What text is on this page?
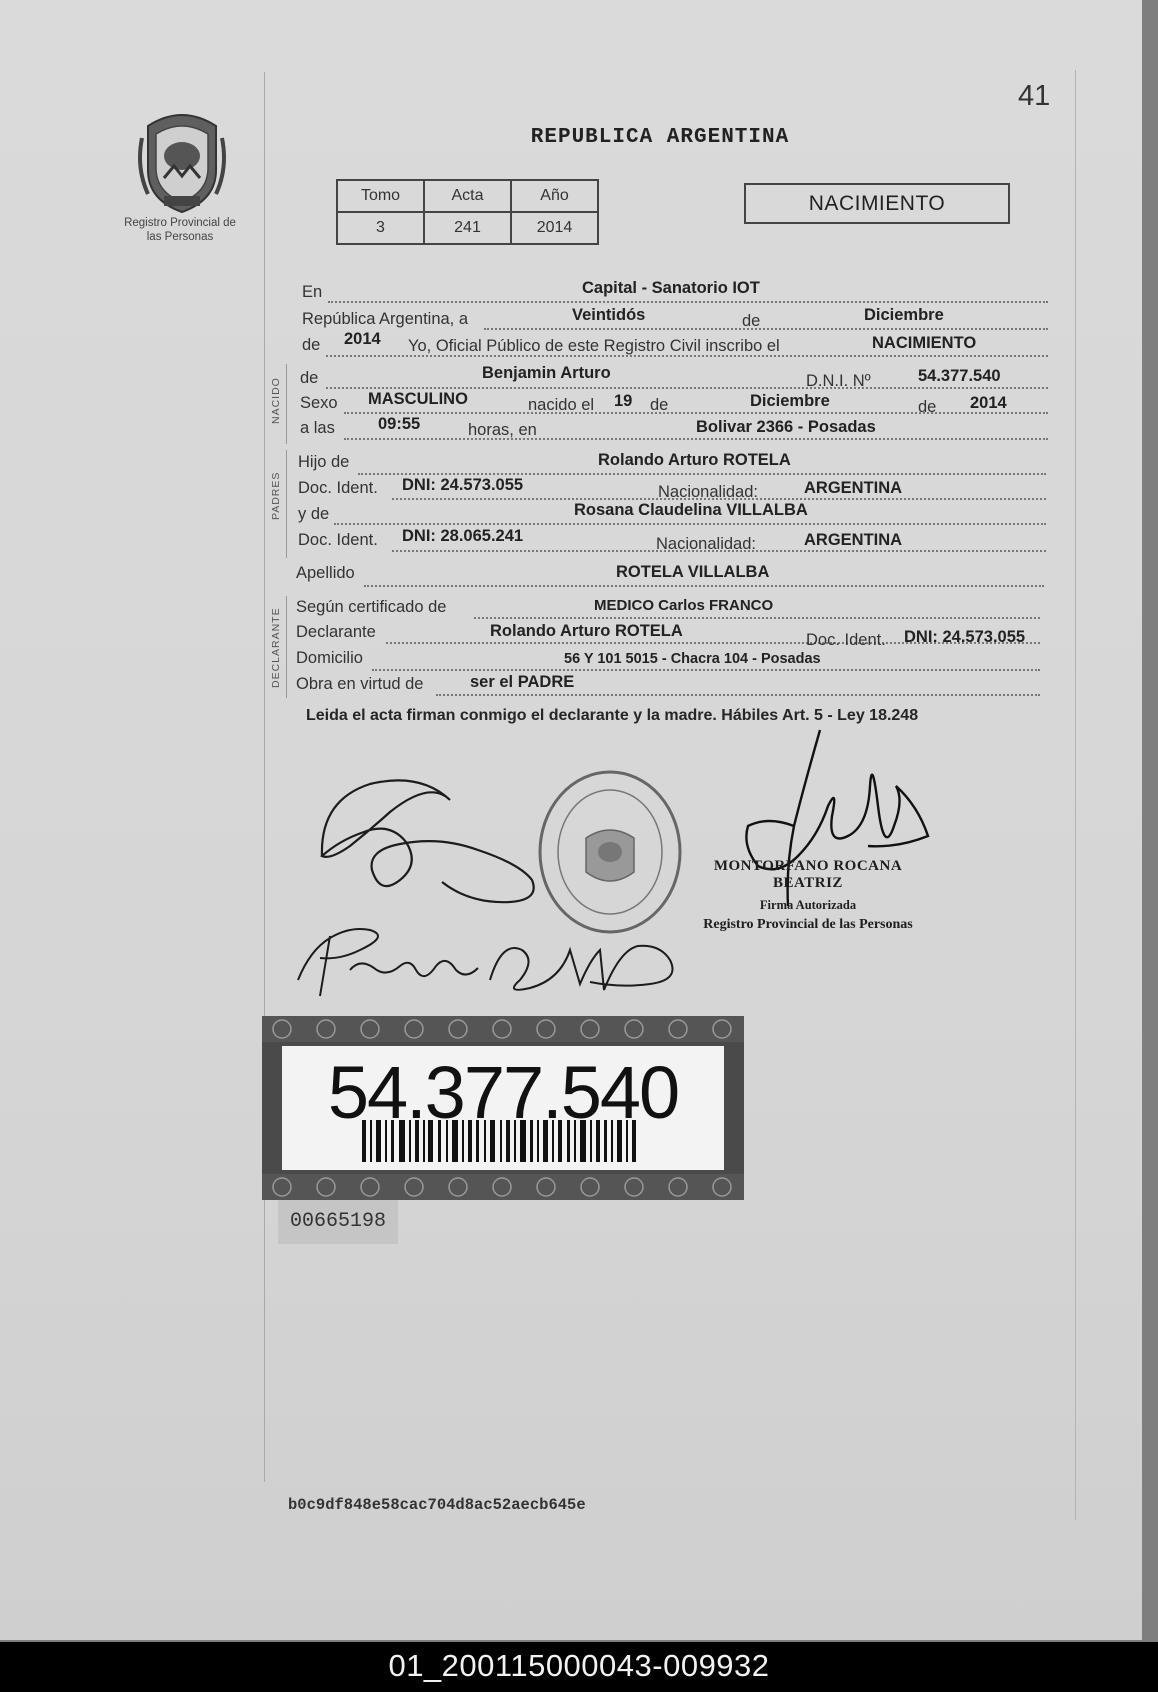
41
Registro Provincial de las Personas
REPUBLICA ARGENTINA
Tomo	Acta	Año
3	241	2014
NACIMIENTO
En	Capital - Sanatorio IOT
República Argentina, a	Veintidós	de	Diciembre
de 2014 Yo, Oficial Público de este Registro Civil inscribo el	NACIMIENTO
NACIDO de	Benjamin Arturo	D.N.I. Nº	54.377.540
Sexo MASCULINO	nacido el 19 de	Diciembre	de 2014
a las	09:55	horas, en	Bolivar 2366 - Posadas
PADRES
Hijo de	Rolando Arturo ROTELA
Doc. Ident. DNI: 24.573.055	Nacionalidad:	ARGENTINA
y de	Rosana Claudelina VILLALBA
Doc. Ident. DNI: 28.065.241	Nacionalidad:	ARGENTINA
Apellido	ROTELA VILLALBA
DECLARANTE
Según certificado de	MEDICO Carlos FRANCO
Declarante	Rolando Arturo ROTELA	Doc. Ident. DNI: 24.573.055
Domicilio	56 Y 101 5015 - Chacra 104 - Posadas
Obra en virtud de	ser el PADRE
Leida el acta firman conmigo el declarante y la madre. Hábiles Art. 5 - Ley 18.248
MONTORFANO ROCANA BEATRIZ
Firma Autorizada
Registro Provincial de las Personas
54.377.540
00665198
b0c9df848e58cac704d8ac52aecb645e
01_200115000043-009932
